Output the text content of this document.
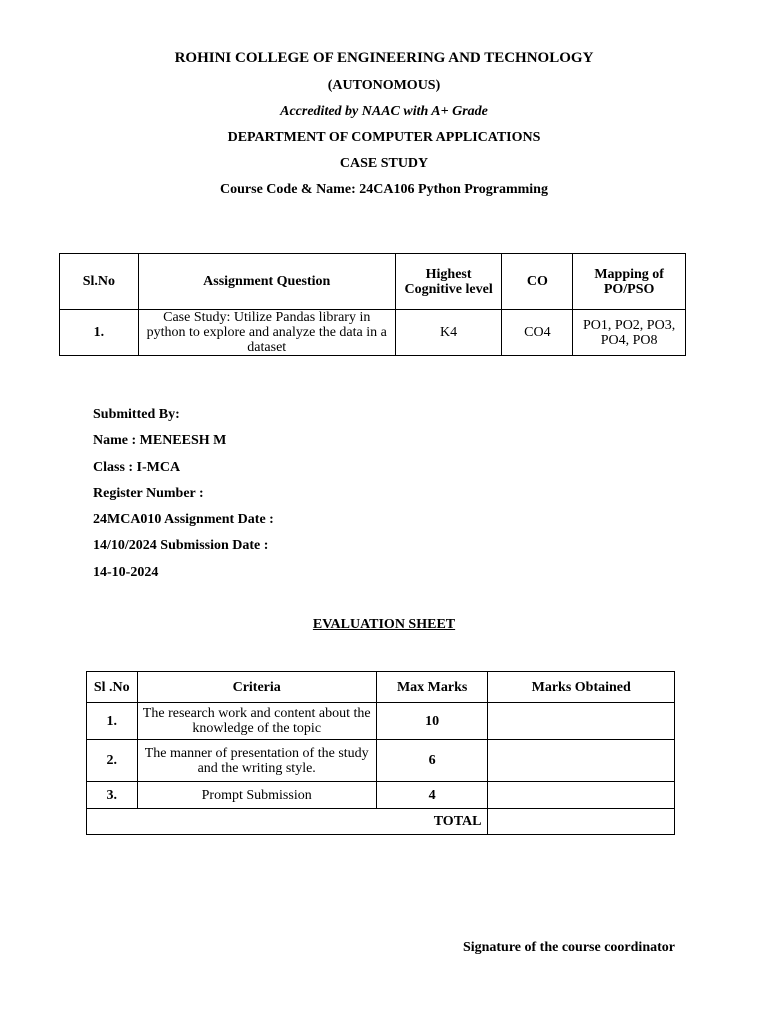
ROHINI COLLEGE OF ENGINEERING AND TECHNOLOGY
(AUTONOMOUS)
Accredited by NAAC with A+ Grade
DEPARTMENT OF COMPUTER APPLICATIONS
CASE STUDY
Course Code & Name: 24CA106 Python Programming
Sl.No	Assignment Question	Highest Cognitive level	CO	Mapping of PO/PSO
1.	Case Study: Utilize Pandas library in python to explore and analyze the data in a dataset	K4	CO4	PO1, PO2, PO3, PO4, PO8
Submitted By:
Name : MENEESH M
Class : I-MCA
Register Number :
24MCA010 Assignment Date :
14/10/2024 Submission Date :
14-10-2024
EVALUATION SHEET
Sl .No	Criteria	Max Marks	Marks Obtained
1.	The research work and content about the knowledge of the topic	10	
2.	The manner of presentation of the study and the writing style.	6	
3.	Prompt Submission	4	
TOTAL			
Signature of the course coordinator
